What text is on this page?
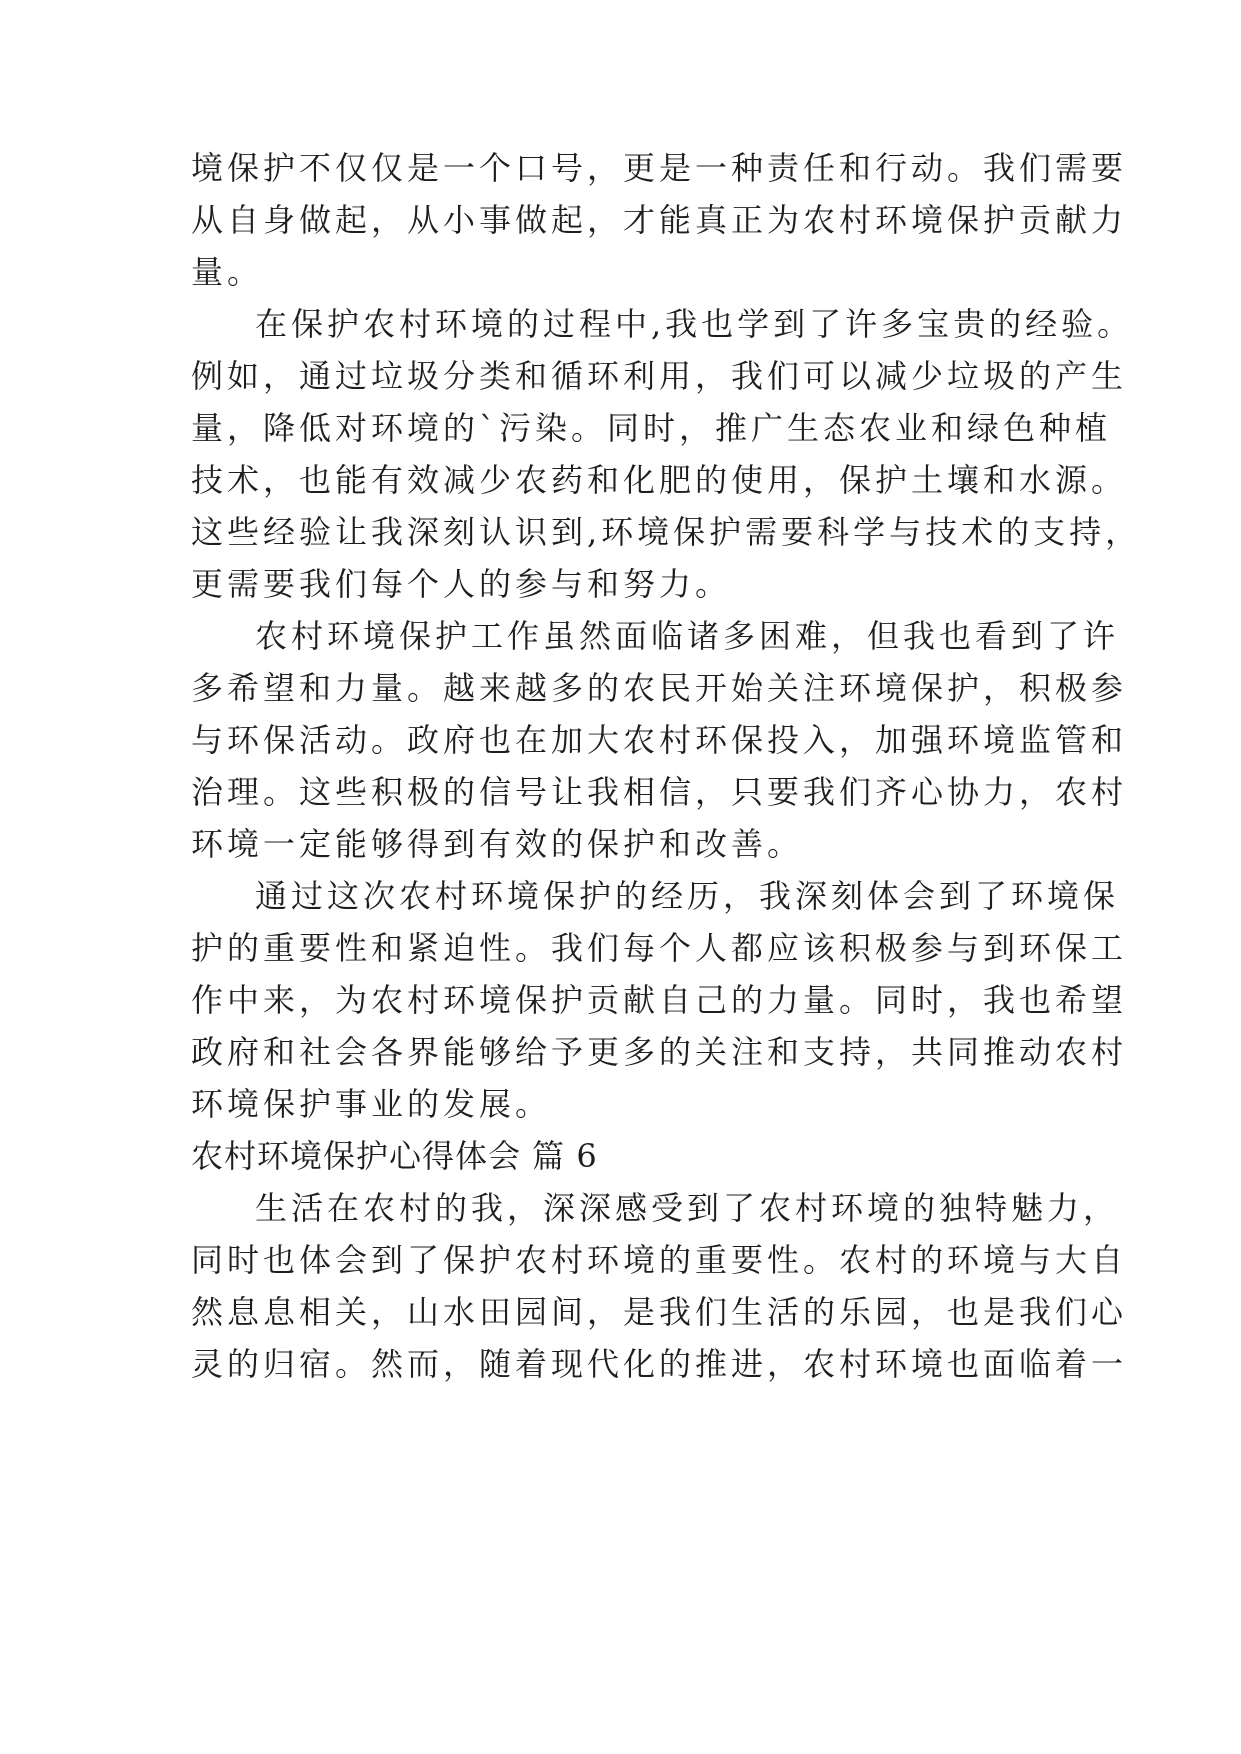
境保护不仅仅是一个口号，更是一种责任和行动。我们需要
从自身做起，从小事做起，才能真正为农村环境保护贡献力
量。
在保护农村环境的过程中,我也学到了许多宝贵的经验。
例如，通过垃圾分类和循环利用，我们可以减少垃圾的产生
量，降低对环境的`污染。同时，推广生态农业和绿色种植
技术，也能有效减少农药和化肥的使用，保护土壤和水源。
这些经验让我深刻认识到,环境保护需要科学与技术的支持，
更需要我们每个人的参与和努力。
农村环境保护工作虽然面临诸多困难，但我也看到了许
多希望和力量。越来越多的农民开始关注环境保护，积极参
与环保活动。政府也在加大农村环保投入，加强环境监管和
治理。这些积极的信号让我相信，只要我们齐心协力，农村
环境一定能够得到有效的保护和改善。
通过这次农村环境保护的经历，我深刻体会到了环境保
护的重要性和紧迫性。我们每个人都应该积极参与到环保工
作中来，为农村环境保护贡献自己的力量。同时，我也希望
政府和社会各界能够给予更多的关注和支持，共同推动农村
环境保护事业的发展。
农村环境保护心得体会 篇 6
生活在农村的我，深深感受到了农村环境的独特魅力，
同时也体会到了保护农村环境的重要性。农村的环境与大自
然息息相关，山水田园间，是我们生活的乐园，也是我们心
灵的归宿。然而，随着现代化的推进，农村环境也面临着一
